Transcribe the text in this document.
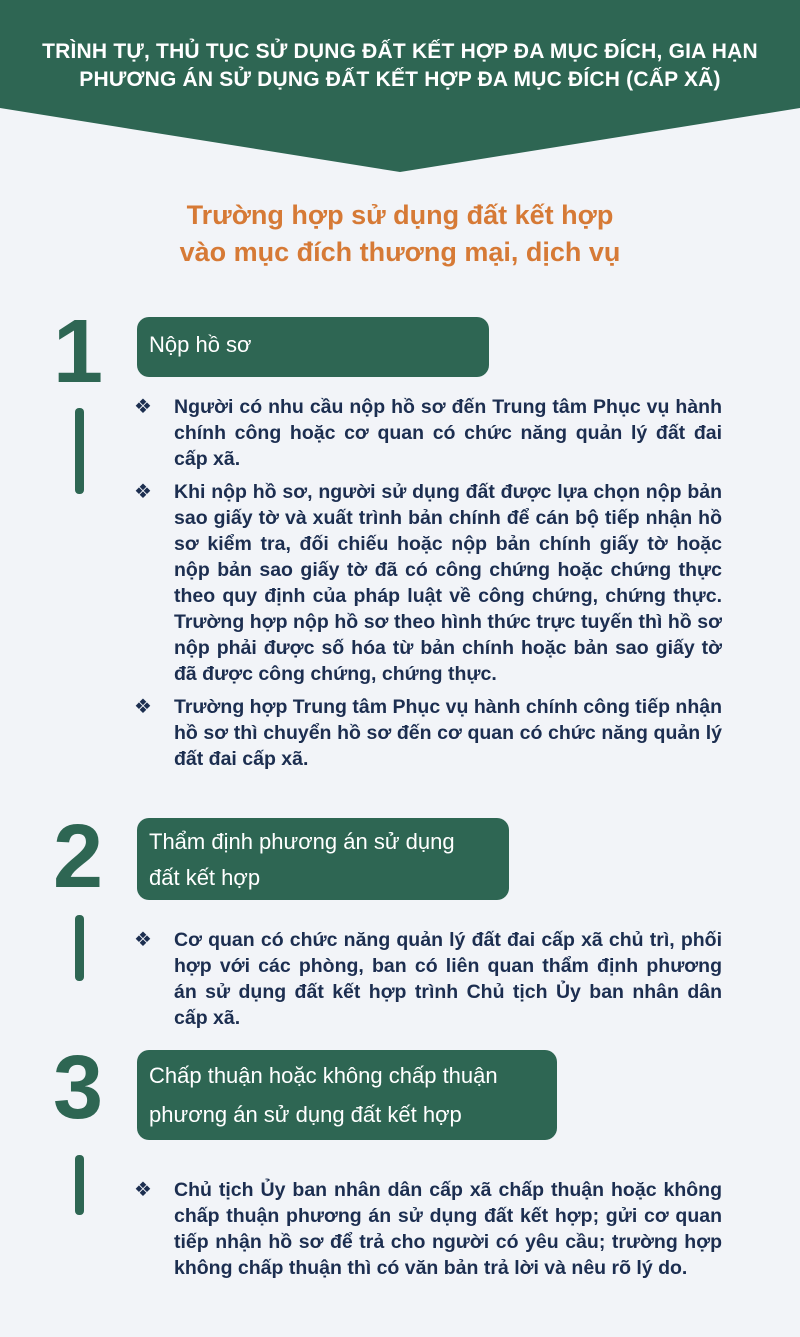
TRÌNH TỰ, THỦ TỤC SỬ DỤNG ĐẤT KẾT HỢP ĐA MỤC ĐÍCH, GIA HẠN PHƯƠNG ÁN SỬ DỤNG ĐẤT KẾT HỢP ĐA MỤC ĐÍCH (CẤP XÃ)
Trường hợp sử dụng đất kết hợp
vào mục đích thương mại, dịch vụ
1	Nộp hồ sơ
❖ Người có nhu cầu nộp hồ sơ đến Trung tâm Phục vụ hành chính công hoặc cơ quan có chức năng quản lý đất đai cấp xã.
❖ Khi nộp hồ sơ, người sử dụng đất được lựa chọn nộp bản sao giấy tờ và xuất trình bản chính để cán bộ tiếp nhận hồ sơ kiểm tra, đối chiếu hoặc nộp bản chính giấy tờ hoặc nộp bản sao giấy tờ đã có công chứng hoặc chứng thực theo quy định của pháp luật về công chứng, chứng thực. Trường hợp nộp hồ sơ theo hình thức trực tuyến thì hồ sơ nộp phải được số hóa từ bản chính hoặc bản sao giấy tờ đã được công chứng, chứng thực.
❖ Trường hợp Trung tâm Phục vụ hành chính công tiếp nhận hồ sơ thì chuyển hồ sơ đến cơ quan có chức năng quản lý đất đai cấp xã.
2	Thẩm định phương án sử dụng
đất kết hợp
❖ Cơ quan có chức năng quản lý đất đai cấp xã chủ trì, phối hợp với các phòng, ban có liên quan thẩm định phương án sử dụng đất kết hợp trình Chủ tịch Ủy ban nhân dân cấp xã.
3	Chấp thuận hoặc không chấp thuận
phương án sử dụng đất kết hợp
❖ Chủ tịch Ủy ban nhân dân cấp xã chấp thuận hoặc không chấp thuận phương án sử dụng đất kết hợp; gửi cơ quan tiếp nhận hồ sơ để trả cho người có yêu cầu; trường hợp không chấp thuận thì có văn bản trả lời và nêu rõ lý do.
